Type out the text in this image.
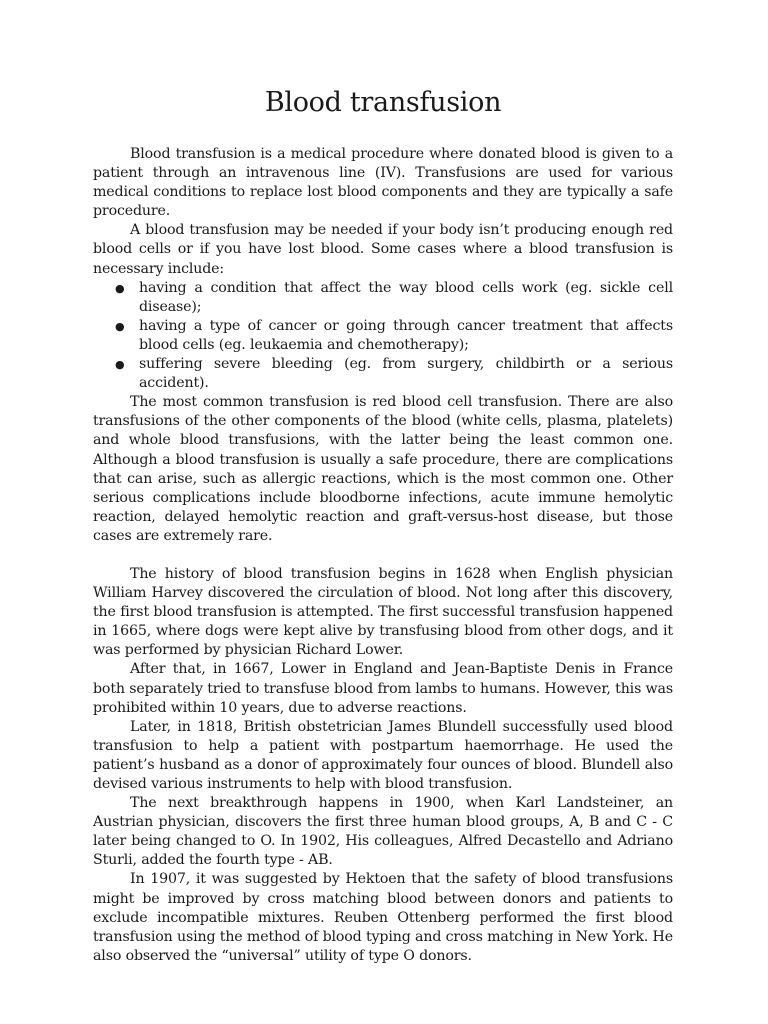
Blood transfusion

Blood transfusion is a medical procedure where donated blood is given to a patient through an intravenous line (IV). Transfusions are used for various medical conditions to replace lost blood components and they are typically a safe procedure.

A blood transfusion may be needed if your body isn’t producing enough red blood cells or if you have lost blood. Some cases where a blood transfusion is necessary include:

● having a condition that affect the way blood cells work (eg. sickle cell disease);
● having a type of cancer or going through cancer treatment that affects blood cells (eg. leukaemia and chemotherapy);
● suffering severe bleeding (eg. from surgery, childbirth or a serious accident).

The most common transfusion is red blood cell transfusion. There are also transfusions of the other components of the blood (white cells, plasma, platelets) and whole blood transfusions, with the latter being the least common one. Although a blood transfusion is usually a safe procedure, there are complications that can arise, such as allergic reactions, which is the most common one. Other serious complications include bloodborne infections, acute immune hemolytic reaction, delayed hemolytic reaction and graft-versus-host disease, but those cases are extremely rare.

The history of blood transfusion begins in 1628 when English physician William Harvey discovered the circulation of blood. Not long after this discovery, the first blood transfusion is attempted. The first successful transfusion happened in 1665, where dogs were kept alive by transfusing blood from other dogs, and it was performed by physician Richard Lower.

After that, in 1667, Lower in England and Jean-Baptiste Denis in France both separately tried to transfuse blood from lambs to humans. However, this was prohibited within 10 years, due to adverse reactions.

Later, in 1818, British obstetrician James Blundell successfully used blood transfusion to help a patient with postpartum haemorrhage. He used the patient’s husband as a donor of approximately four ounces of blood. Blundell also devised various instruments to help with blood transfusion.

The next breakthrough happens in 1900, when Karl Landsteiner, an Austrian physician, discovers the first three human blood groups, A, B and C - C later being changed to O. In 1902, His colleagues, Alfred Decastello and Adriano Sturli, added the fourth type - AB.

In 1907, it was suggested by Hektoen that the safety of blood transfusions might be improved by cross matching blood between donors and patients to exclude incompatible mixtures. Reuben Ottenberg performed the first blood transfusion using the method of blood typing and cross matching in New York. He also observed the “universal” utility of type O donors.
